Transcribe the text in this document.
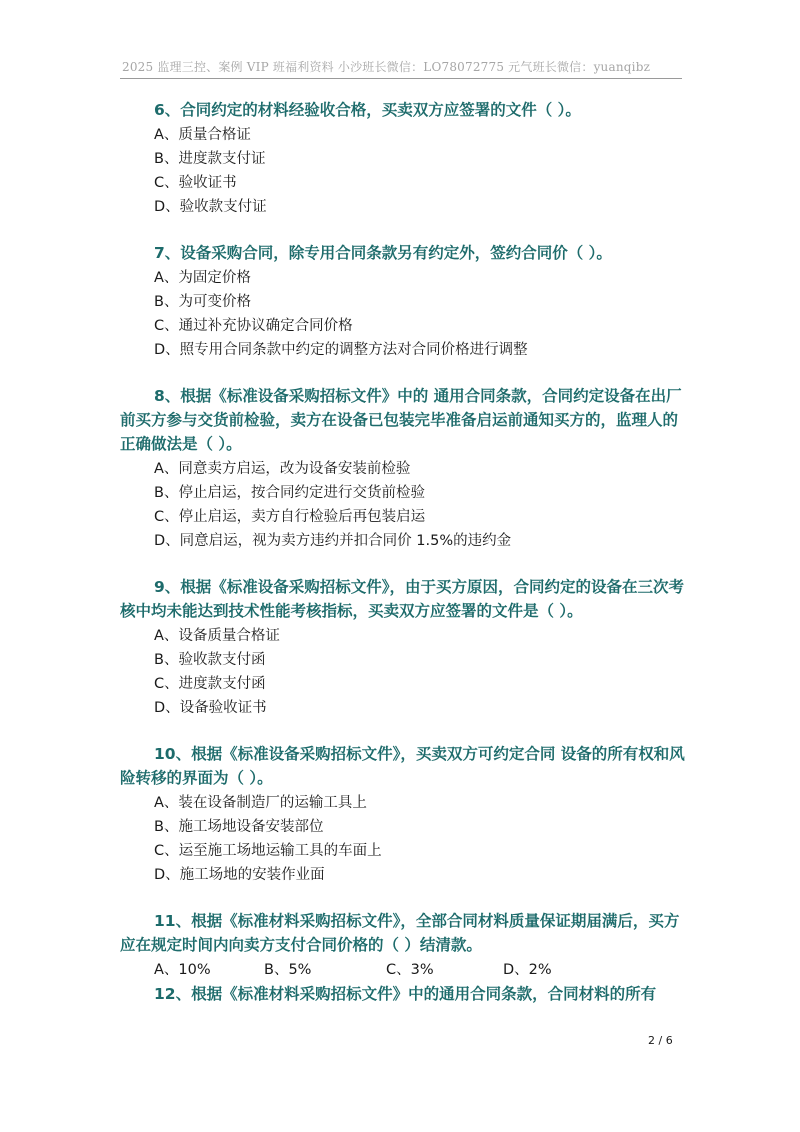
2025 监理三控、案例 VIP 班福利资料 小沙班长微信：LO78072775 元气班长微信：yuanqibz
6、合同约定的材料经验收合格，买卖双方应签署的文件（ ）。
A、质量合格证
B、进度款支付证
C、验收证书
D、验收款支付证
7、设备采购合同，除专用合同条款另有约定外，签约合同价（ ）。
A、为固定价格
B、为可变价格
C、通过补充协议确定合同价格
D、照专用合同条款中约定的调整方法对合同价格进行调整
8、根据《标准设备采购招标文件》中的 通用合同条款，合同约定设备在出厂前买方参与交货前检验，卖方在设备已包装完毕准备启运前通知买方的，监理人的正确做法是（ ）。
A、同意卖方启运，改为设备安装前检验
B、停止启运，按合同约定进行交货前检验
C、停止启运，卖方自行检验后再包装启运
D、同意启运，视为卖方违约并扣合同价 1.5%的违约金
9、根据《标准设备采购招标文件》，由于买方原因，合同约定的设备在三次考核中均未能达到技术性能考核指标，买卖双方应签署的文件是（ ）。
A、设备质量合格证
B、验收款支付函
C、进度款支付函
D、设备验收证书
10、根据《标准设备采购招标文件》，买卖双方可约定合同 设备的所有权和风险转移的界面为（ ）。
A、装在设备制造厂的运输工具上
B、施工场地设备安装部位
C、运至施工场地运输工具的车面上
D、施工场地的安装作业面
11、根据《标准材料采购招标文件》，全部合同材料质量保证期届满后，买方应在规定时间内向卖方支付合同价格的（ ）结清款。
A、10%	B、5%	C、3%	D、2%
12、根据《标准材料采购招标文件》中的通用合同条款，合同材料的所有
2 / 6
